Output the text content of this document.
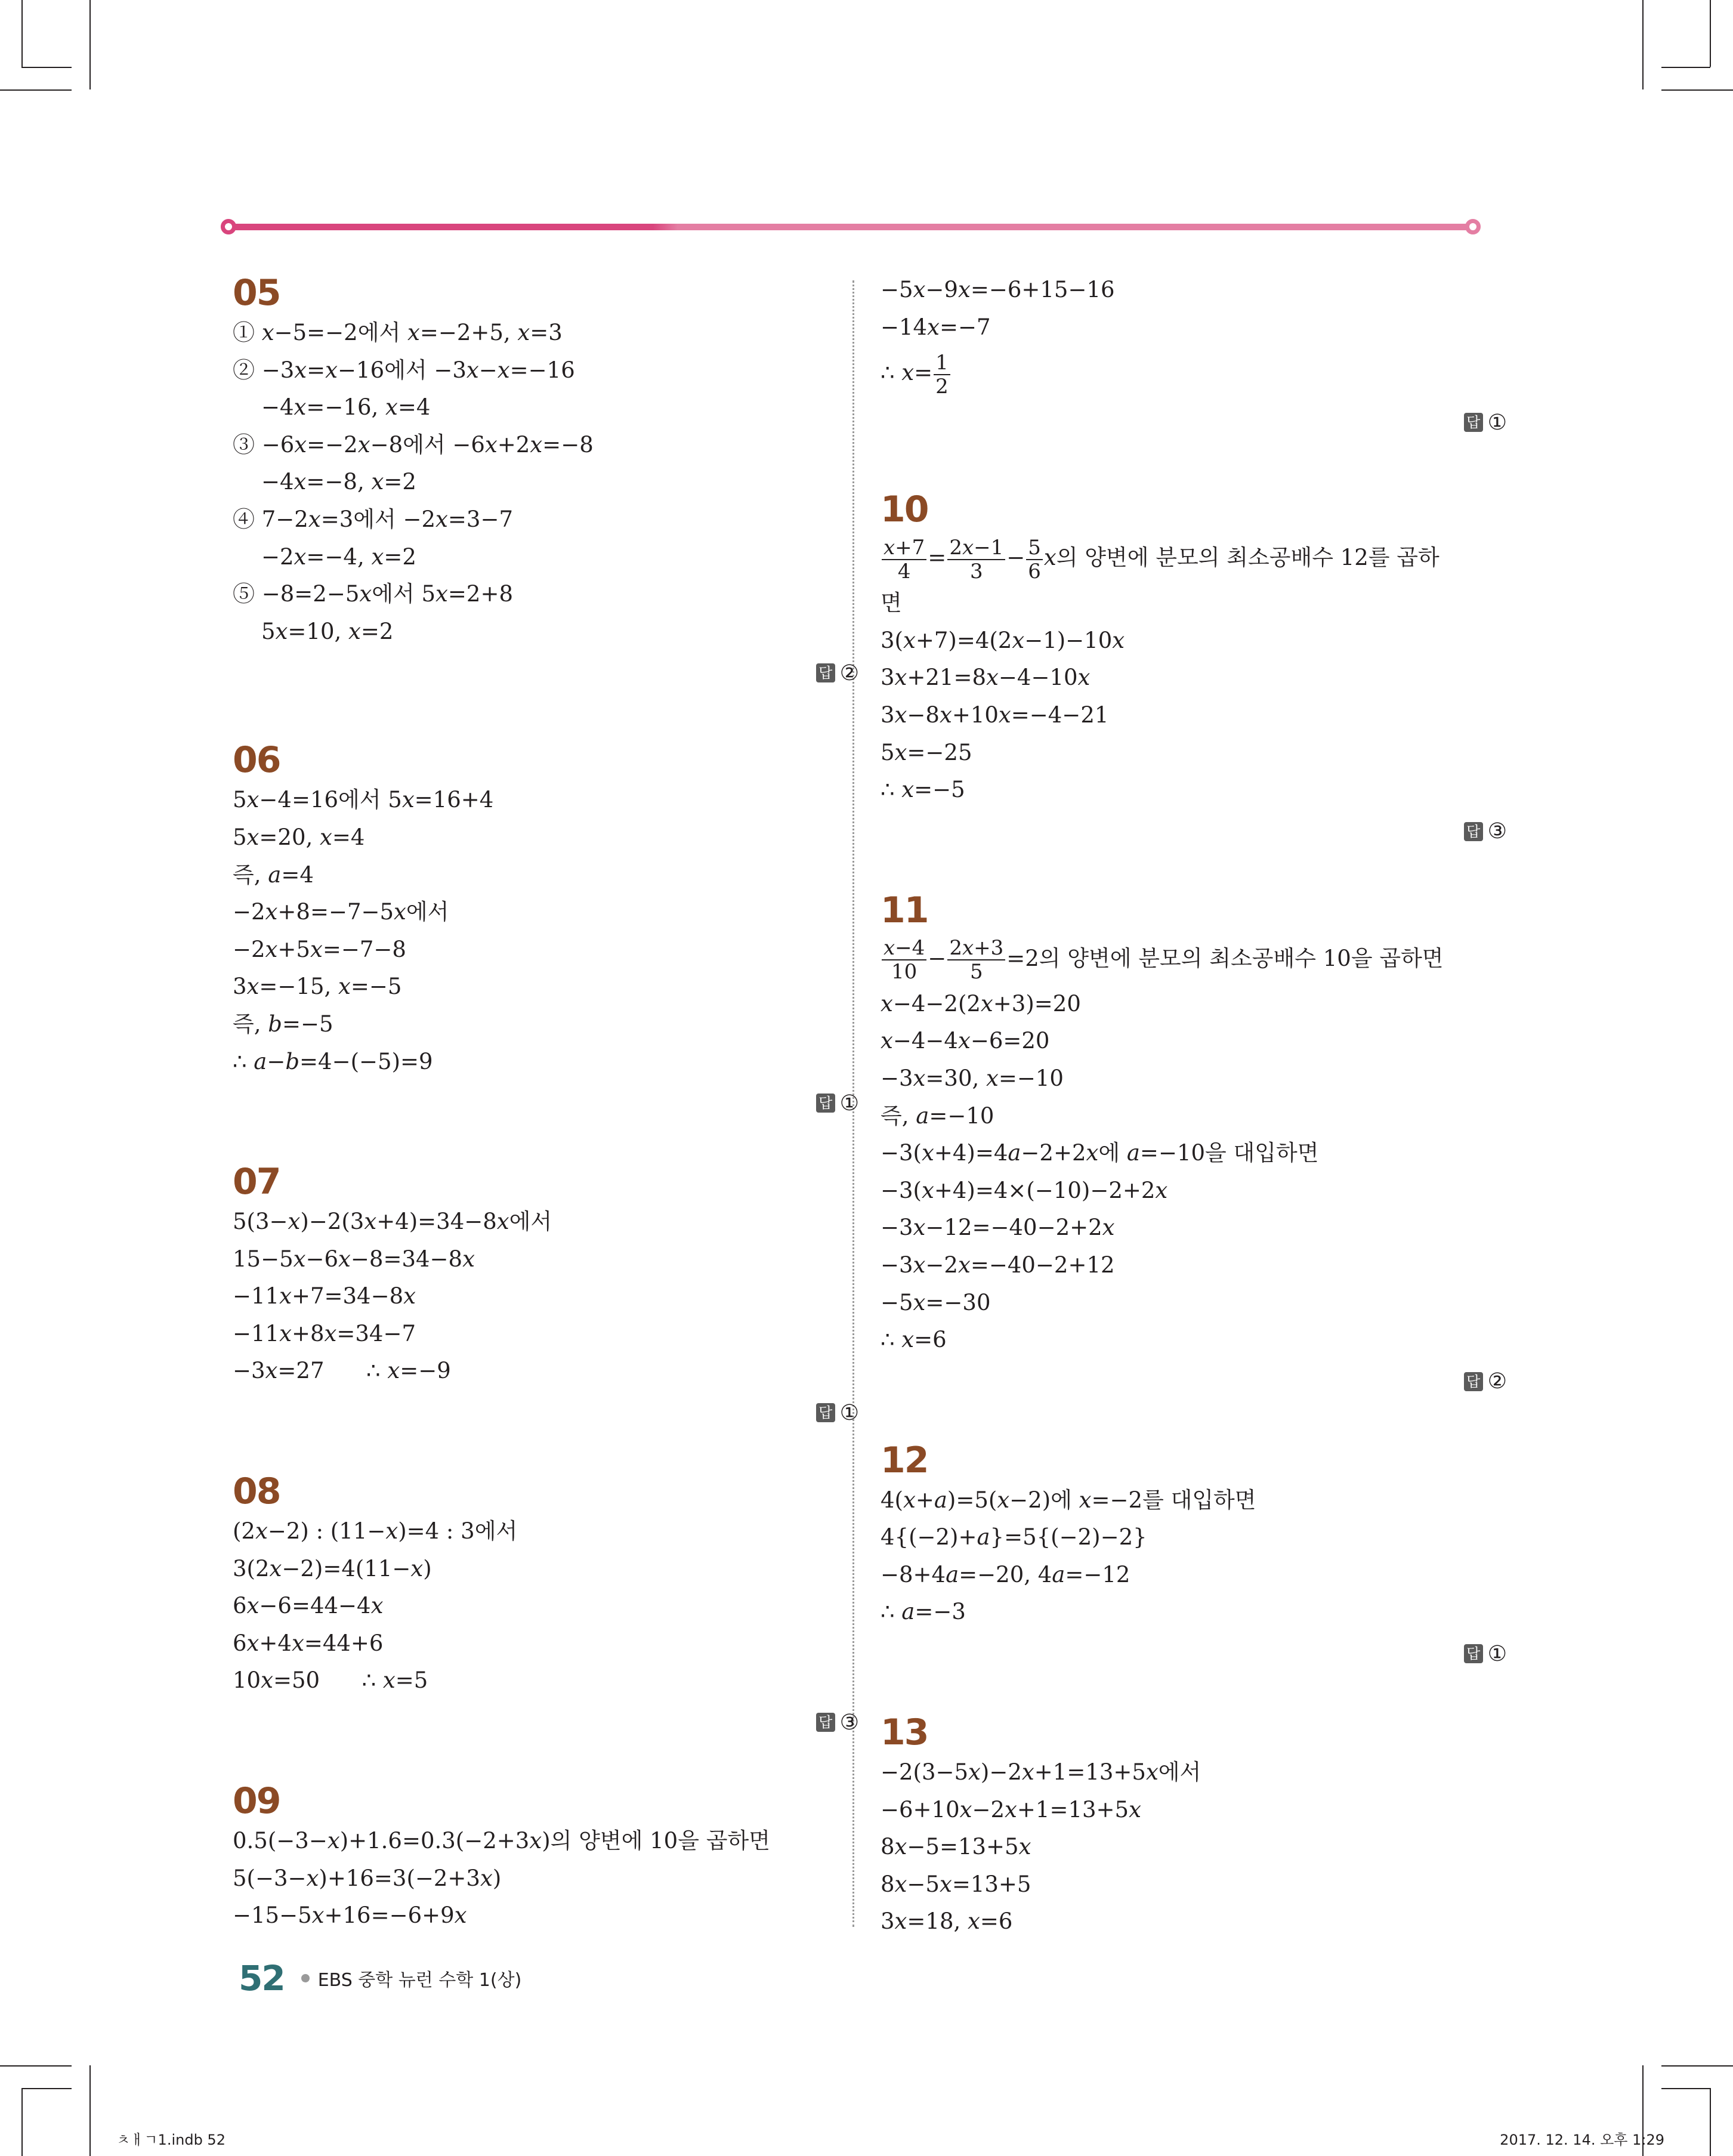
05
① 𝑥−5=−2에서 𝑥=−2+5, 𝑥=3
② −3𝑥=𝑥−16에서 −3𝑥−𝑥=−16
−4𝑥=−16, 𝑥=4
③ −6𝑥=−2𝑥−8에서 −6𝑥+2𝑥=−8
−4𝑥=−8, 𝑥=2
④ 7−2𝑥=3에서 −2𝑥=3−7
−2𝑥=−4, 𝑥=2
⑤ −8=2−5𝑥에서 5𝑥=2+8
5𝑥=10, 𝑥=2
답 ②
06
5𝑥−4=16에서 5𝑥=16+4
5𝑥=20, 𝑥=4
즉, 𝑎=4
−2𝑥+8=−7−5𝑥에서
−2𝑥+5𝑥=−7−8
3𝑥=−15, 𝑥=−5
즉, 𝑏=−5
∴ 𝑎−𝑏=4−(−5)=9
답 ①
07
5(3−𝑥)−2(3𝑥+4)=34−8𝑥에서
15−5𝑥−6𝑥−8=34−8𝑥
−11𝑥+7=34−8𝑥
−11𝑥+8𝑥=34−7
−3𝑥=27      ∴ 𝑥=−9
답 ①
08
(2𝑥−2) : (11−𝑥)=4 : 3에서
3(2𝑥−2)=4(11−𝑥)
6𝑥−6=44−4𝑥
6𝑥+4𝑥=44+6
10𝑥=50      ∴ 𝑥=5
답 ③
09
0.5(−3−𝑥)+1.6=0.3(−2+3𝑥)의 양변에 10을 곱하면
5(−3−𝑥)+16=3(−2+3𝑥)
−15−5𝑥+16=−6+9𝑥
−5𝑥−9𝑥=−6+15−16
−14𝑥=−7
∴ 𝑥= $\frac{1}{2}$
답 ①
10
$\frac{\text{𝑥+7}}{4} = \frac{\text{2𝑥−1}}{3} - \frac{5}{6}$ 𝑥의 양변에 분모의 최소공배수 12를 곱하
면
3(𝑥+7)=4(2𝑥−1)−10𝑥
3𝑥+21=8𝑥−4−10𝑥
3𝑥−8𝑥+10𝑥=−4−21
5𝑥=−25
∴ 𝑥=−5
답 ③
11
$\frac{\text{𝑥−4}}{10} - \frac{\text{2𝑥+3}}{5} =2$의 양변에 분모의 최소공배수 10을 곱하면
𝑥−4−2(2𝑥+3)=20
𝑥−4−4𝑥−6=20
−3𝑥=30, 𝑥=−10
즉, 𝑎=−10
−3(𝑥+4)=4𝑎−2+2𝑥에 𝑎=−10을 대입하면
−3(𝑥+4)=4×(−10)−2+2𝑥
−3𝑥−12=−40−2+2𝑥
−3𝑥−2𝑥=−40−2+12
−5𝑥=−30
∴ 𝑥=6
답 ②
12
4(𝑥+𝑎)=5(𝑥−2)에 𝑥=−2를 대입하면
4{(−2)+𝑎}=5{(−2)−2}
−8+4𝑎=−20, 4𝑎=−12
∴ 𝑎=−3
답 ①
13
−2(3−5𝑥)−2𝑥+1=13+5𝑥에서
−6+10𝑥−2𝑥+1=13+5𝑥
8𝑥−5=13+5𝑥
8𝑥−5𝑥=13+5
3𝑥=18, 𝑥=6
52 EBS 중학 뉴런 수학 1(상)
ㅊㅐㄱ1.indb 52	2017. 12. 14. 오후 1:29
